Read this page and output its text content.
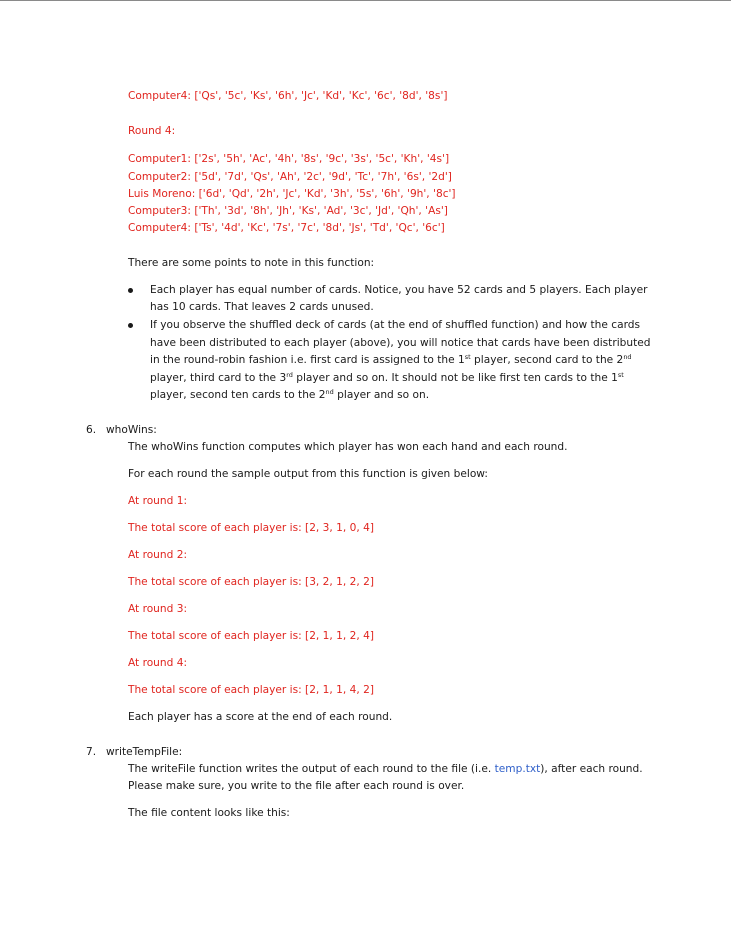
Computer4: ['Qs', '5c', 'Ks', '6h', 'Jc', 'Kd', 'Kc', '6c', '8d', '8s']
Round 4:
Computer1: ['2s', '5h', 'Ac', '4h', '8s', '9c', '3s', '5c', 'Kh', '4s']
Computer2: ['5d', '7d', 'Qs', 'Ah', '2c', '9d', 'Tc', '7h', '6s', '2d']
Luis Moreno: ['6d', 'Qd', '2h', 'Jc', 'Kd', '3h', '5s', '6h', '9h', '8c']
Computer3: ['Th', '3d', '8h', 'Jh', 'Ks', 'Ad', '3c', 'Jd', 'Qh', 'As']
Computer4: ['Ts', '4d', 'Kc', '7s', '7c', '8d', 'Js', 'Td', 'Qc', '6c']
There are some points to note in this function:
Each player has equal number of cards. Notice, you have 52 cards and 5 players. Each player
has 10 cards. That leaves 2 cards unused.
If you observe the shuffled deck of cards (at the end of shuffled function) and how the cards
have been distributed to each player (above), you will notice that cards have been distributed
in the round-robin fashion i.e. first card is assigned to the 1st player, second card to the 2nd
player, third card to the 3rd player and so on. It should not be like first ten cards to the 1st
player, second ten cards to the 2nd player and so on.
6. whoWins:
The whoWins function computes which player has won each hand and each round.
For each round the sample output from this function is given below:
At round 1:
The total score of each player is: [2, 3, 1, 0, 4]
At round 2:
The total score of each player is: [3, 2, 1, 2, 2]
At round 3:
The total score of each player is: [2, 1, 1, 2, 4]
At round 4:
The total score of each player is: [2, 1, 1, 4, 2]
Each player has a score at the end of each round.
7. writeTempFile:
The writeFile function writes the output of each round to the file (i.e. temp.txt), after each round.
Please make sure, you write to the file after each round is over.
The file content looks like this:
